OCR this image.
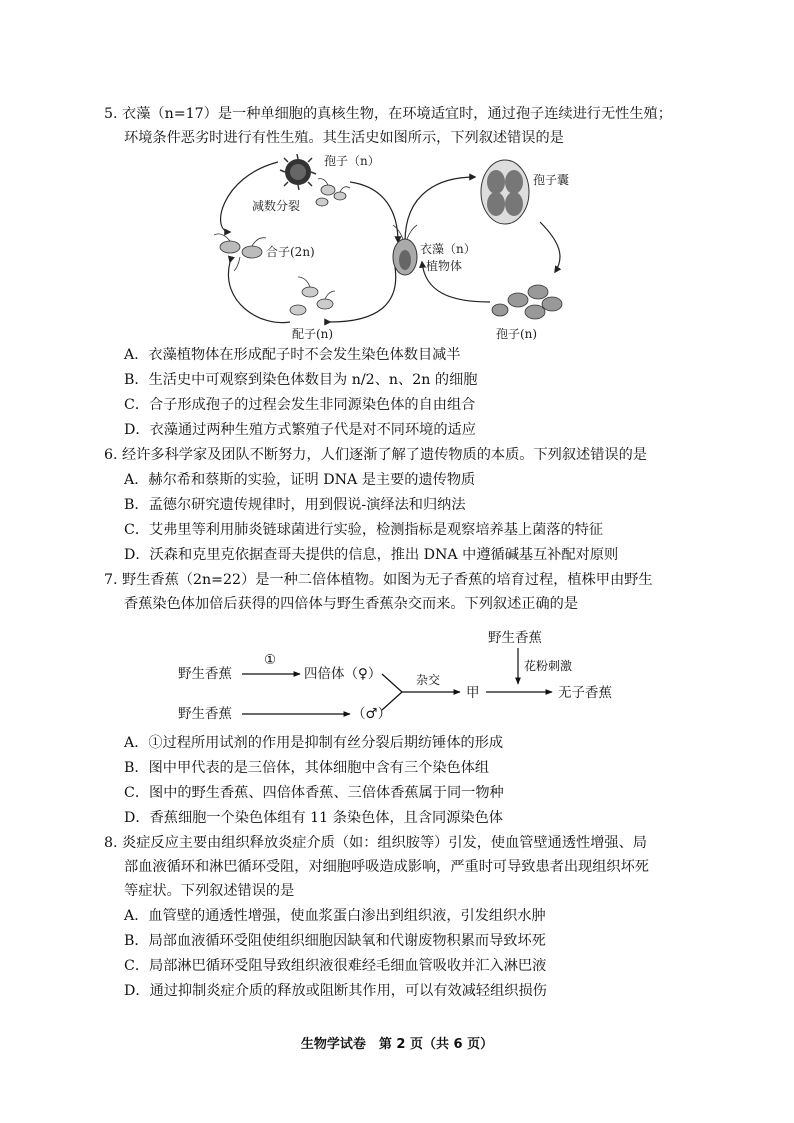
5. 衣藻（n=17）是一种单细胞的真核生物，在环境适宜时，通过孢子连续进行无性生殖；
环境条件恶劣时进行有性生殖。其生活史如图所示，下列叙述错误的是
孢子（n）
减数分裂
合子(2n)
配子(n)
衣藻（n）
植物体
孢子囊
孢子(n)
A．衣藻植物体在形成配子时不会发生染色体数目减半
B．生活史中可观察到染色体数目为 n/2、n、2n 的细胞
C．合子形成孢子的过程会发生非同源染色体的自由组合
D．衣藻通过两种生殖方式繁殖子代是对不同环境的适应
6. 经许多科学家及团队不断努力，人们逐渐了解了遗传物质的本质。下列叙述错误的是
A．赫尔希和蔡斯的实验，证明 DNA 是主要的遗传物质
B．孟德尔研究遗传规律时，用到假说-演绎法和归纳法
C．艾弗里等利用肺炎链球菌进行实验，检测指标是观察培养基上菌落的特征
D．沃森和克里克依据查哥夫提供的信息，推出 DNA 中遵循碱基互补配对原则
7. 野生香蕉（2n=22）是一种二倍体植物。如图为无子香蕉的培育过程，植株甲由野生
香蕉染色体加倍后获得的四倍体与野生香蕉杂交而来。下列叙述正确的是
野生香蕉
花粉刺激
野生香蕉
①
四倍体（♀）
野生香蕉	（♂）
杂交
甲	无子香蕉
A．①过程所用试剂的作用是抑制有丝分裂后期纺锤体的形成
B．图中甲代表的是三倍体，其体细胞中含有三个染色体组
C．图中的野生香蕉、四倍体香蕉、三倍体香蕉属于同一物种
D．香蕉细胞一个染色体组有 11 条染色体，且含同源染色体
8. 炎症反应主要由组织释放炎症介质（如：组织胺等）引发，使血管壁通透性增强、局
部血液循环和淋巴循环受阻，对细胞呼吸造成影响，严重时可导致患者出现组织坏死
等症状。下列叙述错误的是
A．血管壁的通透性增强，使血浆蛋白渗出到组织液，引发组织水肿
B．局部血液循环受阻使组织细胞因缺氧和代谢废物积累而导致坏死
C．局部淋巴循环受阻导致组织液很难经毛细血管吸收并汇入淋巴液
D．通过抑制炎症介质的释放或阻断其作用，可以有效减轻组织损伤
生物学试卷　第 2 页（共 6 页）
